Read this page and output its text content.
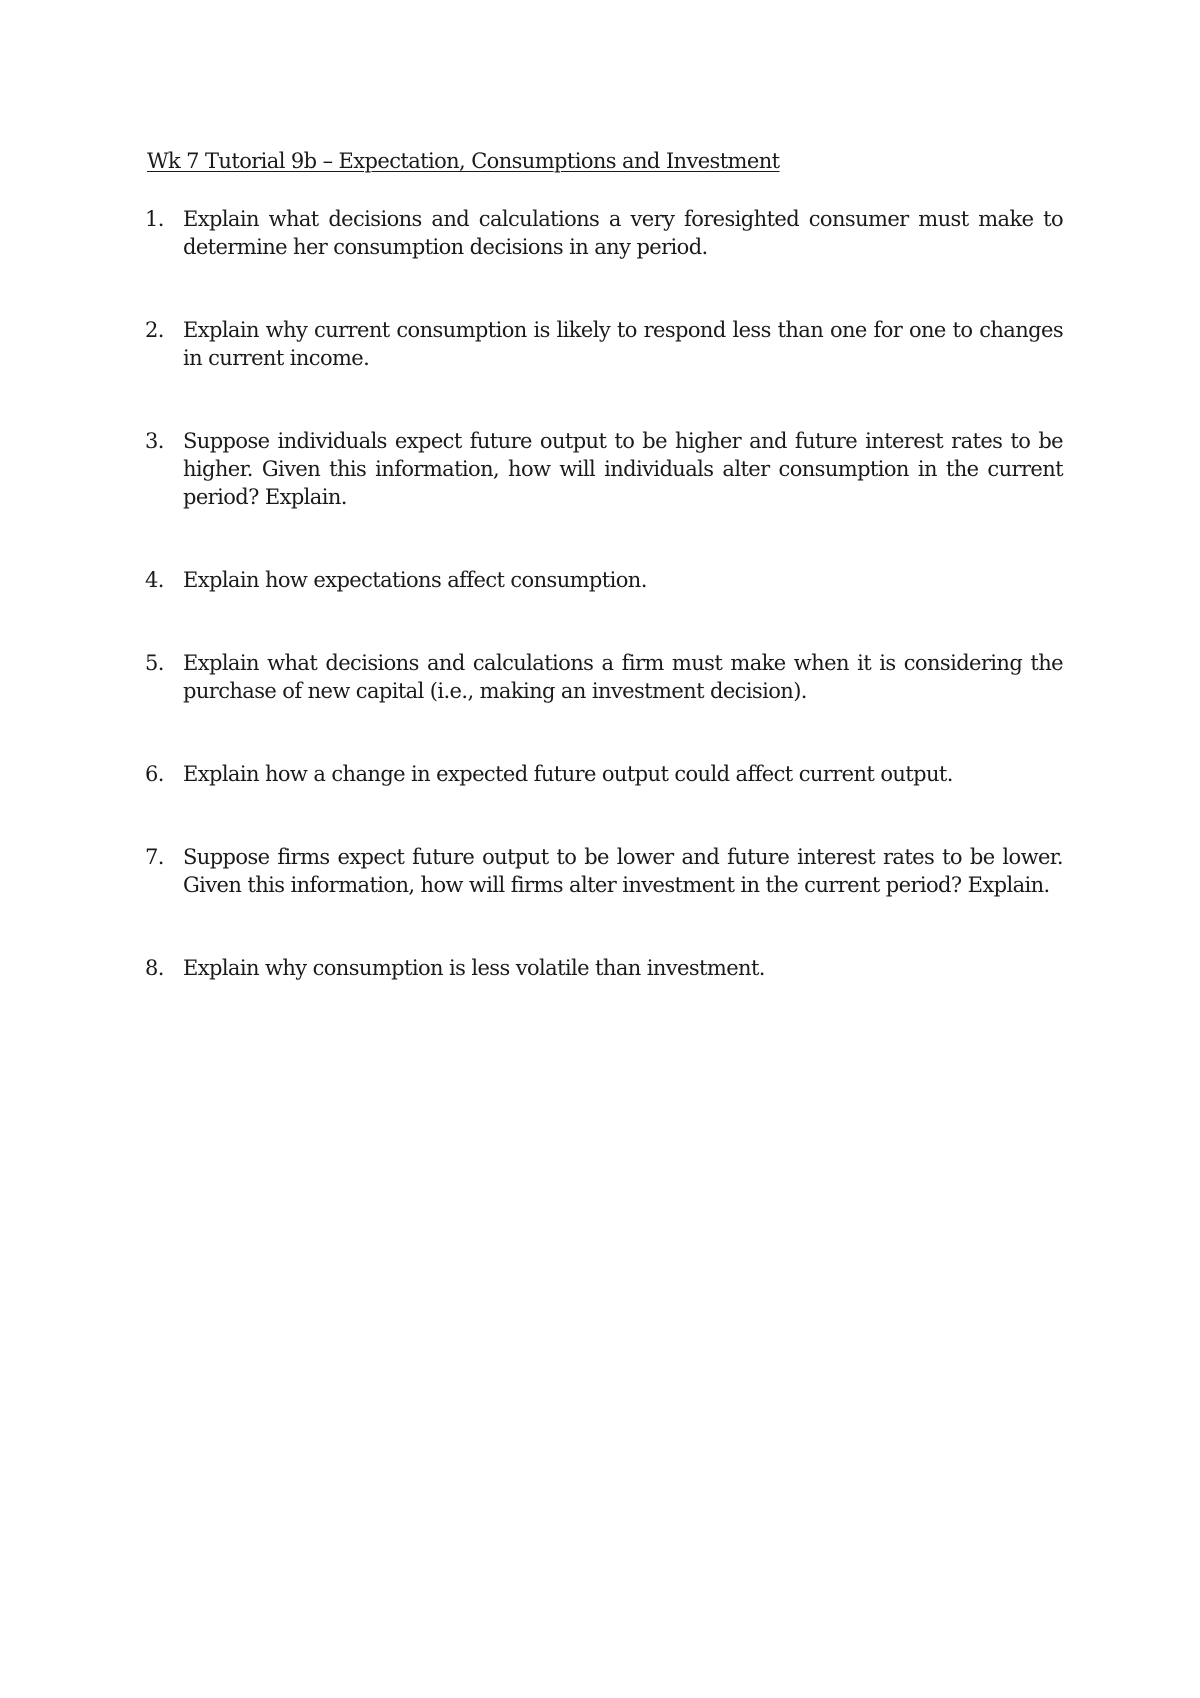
Wk 7 Tutorial 9b – Expectation, Consumptions and Investment
1. Explain what decisions and calculations a very foresighted consumer must make to determine her consumption decisions in any period.
2. Explain why current consumption is likely to respond less than one for one to changes in current income.
3. Suppose individuals expect future output to be higher and future interest rates to be higher. Given this information, how will individuals alter consumption in the current period? Explain.
4. Explain how expectations affect consumption.
5. Explain what decisions and calculations a firm must make when it is considering the purchase of new capital (i.e., making an investment decision).
6. Explain how a change in expected future output could affect current output.
7. Suppose firms expect future output to be lower and future interest rates to be lower. Given this information, how will firms alter investment in the current period? Explain.
8. Explain why consumption is less volatile than investment.
